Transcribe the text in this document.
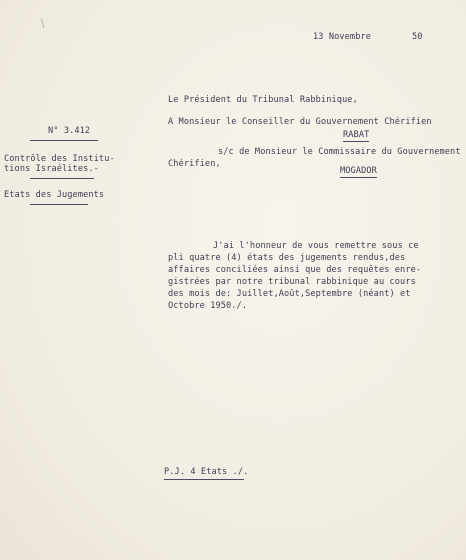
13 Novembre	50
Le Président du Tribunal Rabbinique,
A Monsieur le Conseiller du Gouvernement Chérifien
RABAT
s/c de Monsieur le Commissaire du Gouvernement
Chérifien,
MOGADOR
N° 3.412
Contrôle des Institu-
tions Israélites.-
Etats des Jugements
J'ai l'honneur de vous remettre sous ce
pli quatre (4) états des jugements rendus,des
affaires conciliées ainsi que des requêtes enre-
gistrées par notre tribunal rabbinique au cours
des mois de: Juillet,Août,Septembre (néant) et
Octobre 1950./.
P.J. 4 Etats ./.
